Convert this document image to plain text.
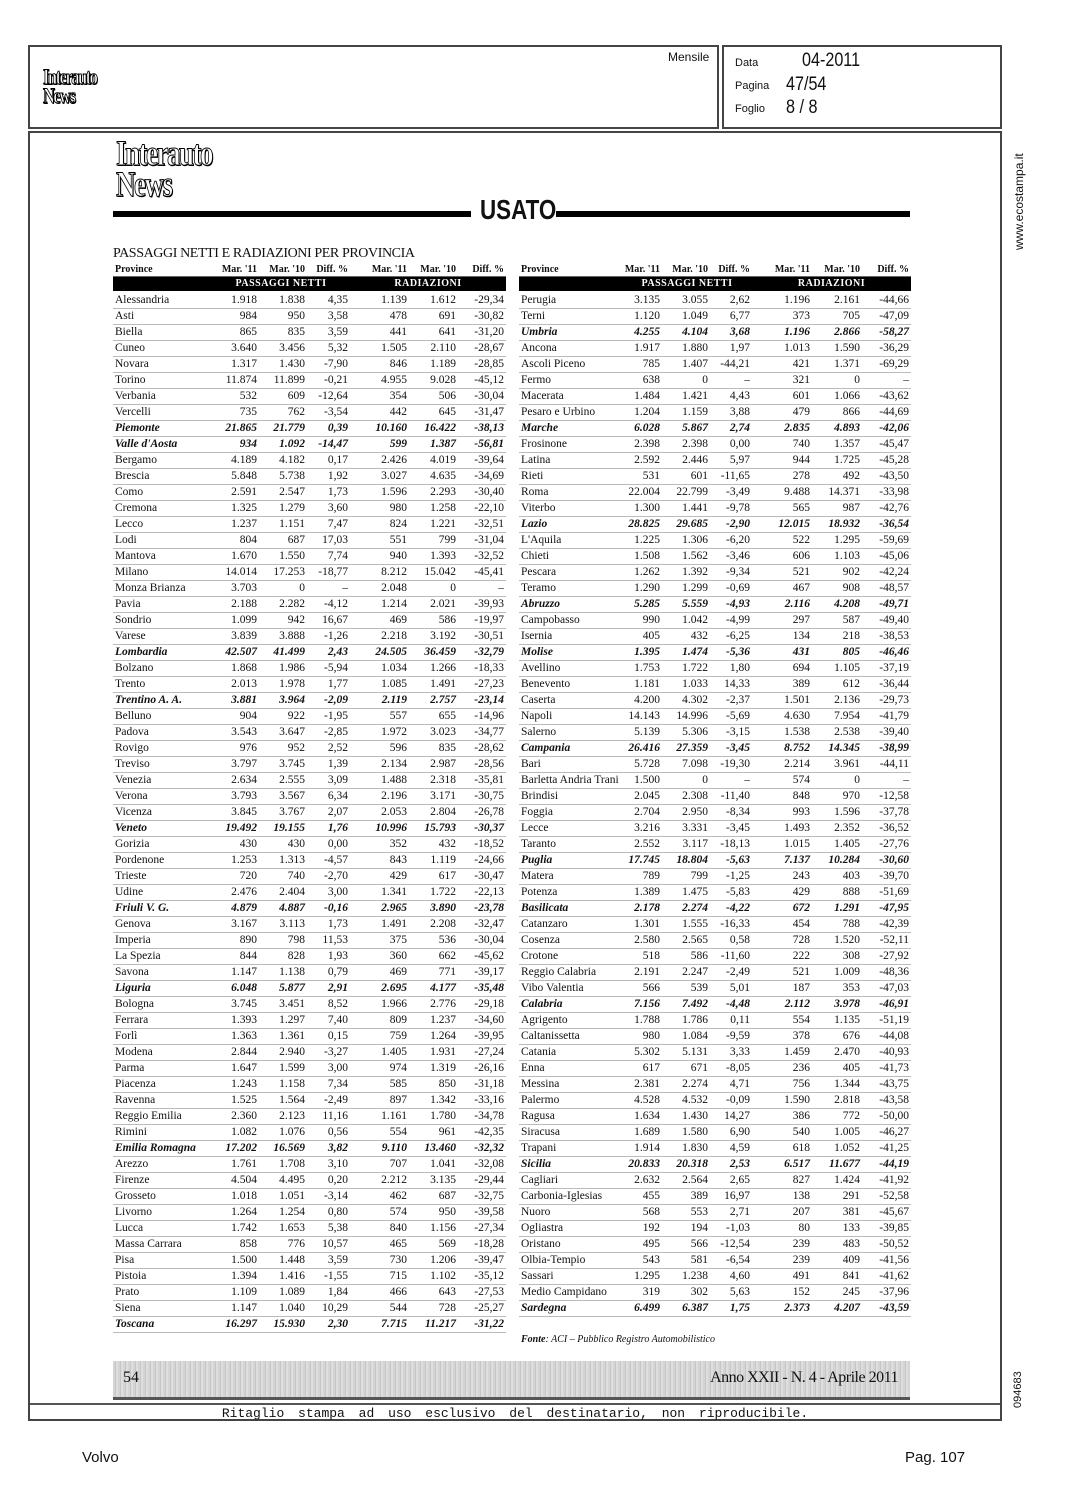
Interauto News
Mensile Data 04-2011
Pagina 47/54
Foglio 8 / 8
www.ecostampa.it
094683
Interauto News
USATO
PASSAGGI NETTI E RADIAZIONI PER PROVINCIA
Province	Mar. '11	Mar. '10	Diff. %	Mar. '11	Mar. '10	Diff. %
	PASSAGGI NETTI			RADIAZIONI		
Alessandria	1.918	1.838	4,35	1.139	1.612	-29,34
Asti	984	950	3,58	478	691	-30,82
Biella	865	835	3,59	441	641	-31,20
Cuneo	3.640	3.456	5,32	1.505	2.110	-28,67
Novara	1.317	1.430	-7,90	846	1.189	-28,85
Torino	11.874	11.899	-0,21	4.955	9.028	-45,12
Verbania	532	609	-12,64	354	506	-30,04
Vercelli	735	762	-3,54	442	645	-31,47
Piemonte	21.865	21.779	0,39	10.160	16.422	-38,13
Valle d'Aosta	934	1.092	-14,47	599	1.387	-56,81
Bergamo	4.189	4.182	0,17	2.426	4.019	-39,64
Brescia	5.848	5.738	1,92	3.027	4.635	-34,69
Como	2.591	2.547	1,73	1.596	2.293	-30,40
Cremona	1.325	1.279	3,60	980	1.258	-22,10
Lecco	1.237	1.151	7,47	824	1.221	-32,51
Lodi	804	687	17,03	551	799	-31,04
Mantova	1.670	1.550	7,74	940	1.393	-32,52
Milano	14.014	17.253	-18,77	8.212	15.042	-45,41
Monza Brianza	3.703	0	–	2.048	0	–
Pavia	2.188	2.282	-4,12	1.214	2.021	-39,93
Sondrio	1.099	942	16,67	469	586	-19,97
Varese	3.839	3.888	-1,26	2.218	3.192	-30,51
Lombardia	42.507	41.499	2,43	24.505	36.459	-32,79
Bolzano	1.868	1.986	-5,94	1.034	1.266	-18,33
Trento	2.013	1.978	1,77	1.085	1.491	-27,23
Trentino A. A.	3.881	3.964	-2,09	2.119	2.757	-23,14
Belluno	904	922	-1,95	557	655	-14,96
Padova	3.543	3.647	-2,85	1.972	3.023	-34,77
Rovigo	976	952	2,52	596	835	-28,62
Treviso	3.797	3.745	1,39	2.134	2.987	-28,56
Venezia	2.634	2.555	3,09	1.488	2.318	-35,81
Verona	3.793	3.567	6,34	2.196	3.171	-30,75
Vicenza	3.845	3.767	2,07	2.053	2.804	-26,78
Veneto	19.492	19.155	1,76	10.996	15.793	-30,37
Gorizia	430	430	0,00	352	432	-18,52
Pordenone	1.253	1.313	-4,57	843	1.119	-24,66
Trieste	720	740	-2,70	429	617	-30,47
Udine	2.476	2.404	3,00	1.341	1.722	-22,13
Friuli V. G.	4.879	4.887	-0,16	2.965	3.890	-23,78
Genova	3.167	3.113	1,73	1.491	2.208	-32,47
Imperia	890	798	11,53	375	536	-30,04
La Spezia	844	828	1,93	360	662	-45,62
Savona	1.147	1.138	0,79	469	771	-39,17
Liguria	6.048	5.877	2,91	2.695	4.177	-35,48
Bologna	3.745	3.451	8,52	1.966	2.776	-29,18
Ferrara	1.393	1.297	7,40	809	1.237	-34,60
Forlì	1.363	1.361	0,15	759	1.264	-39,95
Modena	2.844	2.940	-3,27	1.405	1.931	-27,24
Parma	1.647	1.599	3,00	974	1.319	-26,16
Piacenza	1.243	1.158	7,34	585	850	-31,18
Ravenna	1.525	1.564	-2,49	897	1.342	-33,16
Reggio Emilia	2.360	2.123	11,16	1.161	1.780	-34,78
Rimini	1.082	1.076	0,56	554	961	-42,35
Emilia Romagna	17.202	16.569	3,82	9.110	13.460	-32,32
Arezzo	1.761	1.708	3,10	707	1.041	-32,08
Firenze	4.504	4.495	0,20	2.212	3.135	-29,44
Grosseto	1.018	1.051	-3,14	462	687	-32,75
Livorno	1.264	1.254	0,80	574	950	-39,58
Lucca	1.742	1.653	5,38	840	1.156	-27,34
Massa Carrara	858	776	10,57	465	569	-18,28
Pisa	1.500	1.448	3,59	730	1.206	-39,47
Pistoia	1.394	1.416	-1,55	715	1.102	-35,12
Prato	1.109	1.089	1,84	466	643	-27,53
Siena	1.147	1.040	10,29	544	728	-25,27
Toscana	16.297	15.930	2,30	7.715	11.217	-31,22
Province	Mar. '11	Mar. '10	Diff. %	Mar. '11	Mar. '10	Diff. %
	PASSAGGI NETTI			RADIAZIONI		
Perugia	3.135	3.055	2,62	1.196	2.161	-44,66
Terni	1.120	1.049	6,77	373	705	-47,09
Umbria	4.255	4.104	3,68	1.196	2.866	-58,27
Ancona	1.917	1.880	1,97	1.013	1.590	-36,29
Ascoli Piceno	785	1.407	-44,21	421	1.371	-69,29
Fermo	638	0	–	321	0	–
Macerata	1.484	1.421	4,43	601	1.066	-43,62
Pesaro e Urbino	1.204	1.159	3,88	479	866	-44,69
Marche	6.028	5.867	2,74	2.835	4.893	-42,06
Frosinone	2.398	2.398	0,00	740	1.357	-45,47
Latina	2.592	2.446	5,97	944	1.725	-45,28
Rieti	531	601	-11,65	278	492	-43,50
Roma	22.004	22.799	-3,49	9.488	14.371	-33,98
Viterbo	1.300	1.441	-9,78	565	987	-42,76
Lazio	28.825	29.685	-2,90	12.015	18.932	-36,54
L'Aquila	1.225	1.306	-6,20	522	1.295	-59,69
Chieti	1.508	1.562	-3,46	606	1.103	-45,06
Pescara	1.262	1.392	-9,34	521	902	-42,24
Teramo	1.290	1.299	-0,69	467	908	-48,57
Abruzzo	5.285	5.559	-4,93	2.116	4.208	-49,71
Campobasso	990	1.042	-4,99	297	587	-49,40
Isernia	405	432	-6,25	134	218	-38,53
Molise	1.395	1.474	-5,36	431	805	-46,46
Avellino	1.753	1.722	1,80	694	1.105	-37,19
Benevento	1.181	1.033	14,33	389	612	-36,44
Caserta	4.200	4.302	-2,37	1.501	2.136	-29,73
Napoli	14.143	14.996	-5,69	4.630	7.954	-41,79
Salerno	5.139	5.306	-3,15	1.538	2.538	-39,40
Campania	26.416	27.359	-3,45	8.752	14.345	-38,99
Bari	5.728	7.098	-19,30	2.214	3.961	-44,11
Barletta Andria Trani	1.500	0	–	574	0	–
Brindisi	2.045	2.308	-11,40	848	970	-12,58
Foggia	2.704	2.950	-8,34	993	1.596	-37,78
Lecce	3.216	3.331	-3,45	1.493	2.352	-36,52
Taranto	2.552	3.117	-18,13	1.015	1.405	-27,76
Puglia	17.745	18.804	-5,63	7.137	10.284	-30,60
Matera	789	799	-1,25	243	403	-39,70
Potenza	1.389	1.475	-5,83	429	888	-51,69
Basilicata	2.178	2.274	-4,22	672	1.291	-47,95
Catanzaro	1.301	1.555	-16,33	454	788	-42,39
Cosenza	2.580	2.565	0,58	728	1.520	-52,11
Crotone	518	586	-11,60	222	308	-27,92
Reggio Calabria	2.191	2.247	-2,49	521	1.009	-48,36
Vibo Valentia	566	539	5,01	187	353	-47,03
Calabria	7.156	7.492	-4,48	2.112	3.978	-46,91
Agrigento	1.788	1.786	0,11	554	1.135	-51,19
Caltanissetta	980	1.084	-9,59	378	676	-44,08
Catania	5.302	5.131	3,33	1.459	2.470	-40,93
Enna	617	671	-8,05	236	405	-41,73
Messina	2.381	2.274	4,71	756	1.344	-43,75
Palermo	4.528	4.532	-0,09	1.590	2.818	-43,58
Ragusa	1.634	1.430	14,27	386	772	-50,00
Siracusa	1.689	1.580	6,90	540	1.005	-46,27
Trapani	1.914	1.830	4,59	618	1.052	-41,25
Sicilia	20.833	20.318	2,53	6.517	11.677	-44,19
Cagliari	2.632	2.564	2,65	827	1.424	-41,92
Carbonia-Iglesias	455	389	16,97	138	291	-52,58
Nuoro	568	553	2,71	207	381	-45,67
Ogliastra	192	194	-1,03	80	133	-39,85
Oristano	495	566	-12,54	239	483	-50,52
Olbia-Tempio	543	581	-6,54	239	409	-41,56
Sassari	1.295	1.238	4,60	491	841	-41,62
Medio Campidano	319	302	5,63	152	245	-37,96
Sardegna	6.499	6.387	1,75	2.373	4.207	-43,59
Fonte: ACI – Pubblico Registro Automobilistico
54	Anno XXII - N. 4 - Aprile 2011
Ritaglio stampa ad uso esclusivo del destinatario, non riproducibile.
Volvo	Pag. 107
